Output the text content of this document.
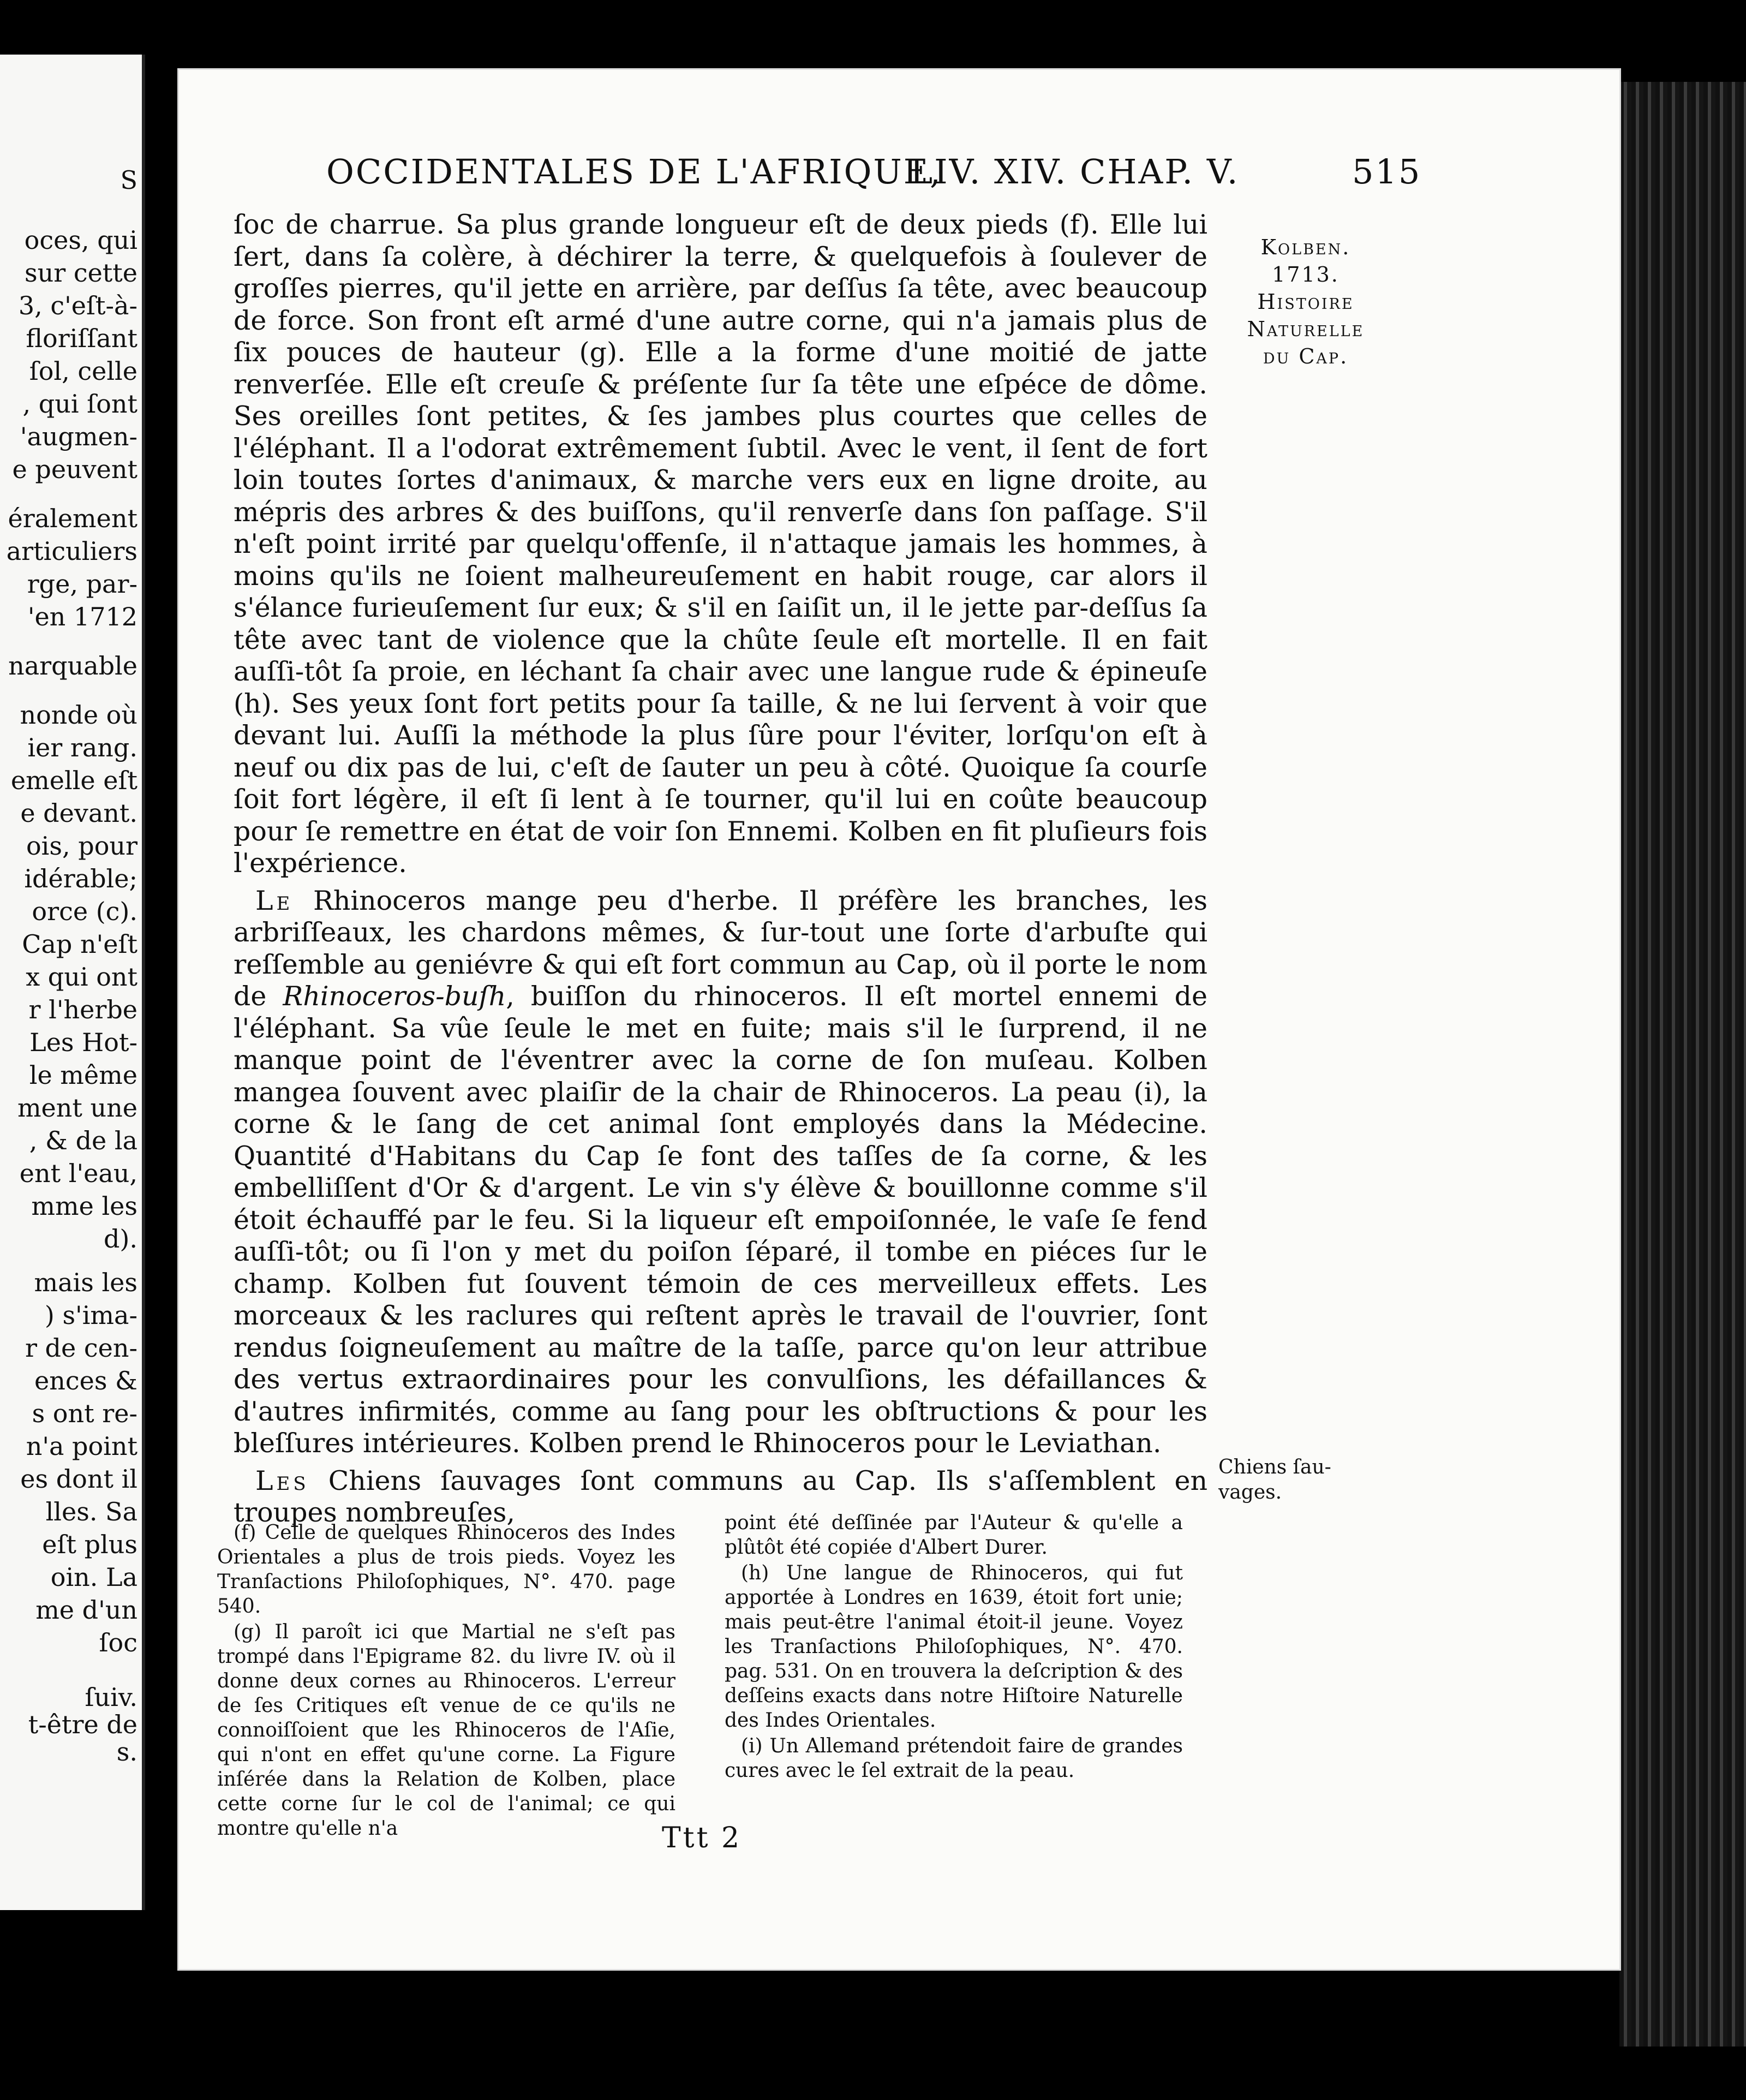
S
oces, qui
sur cette
3, c'eſt-à-
floriſſant
ſol, celle
, qui ſont
'augmen-
e peuvent
éralement
articuliers
rge, par-
'en 1712
narquable
nonde où
ier rang.
emelle eſt
e devant.
ois, pour
idérable;
orce (c).
Cap n'eſt
x qui ont
r l'herbe
Les Hot-
le même
ment une
, & de la
ent l'eau,
mme les
d).
mais les
) s'ima-
r de cen-
ences &
s ont re-
n'a point
es dont il
lles. Sa
eſt plus
oin. La
me d'un
ſoc
ſuiv.
t-être de
s.
OCCIDENTALES DE L'AFRIQUE,
LIV. XIV. CHAP. V.	515

ſoc de charrue. Sa plus grande longueur eſt de deux pieds (f). Elle lui ſert, dans ſa colère, à déchirer la terre, & quelquefois à ſoulever de groſſes pierres, qu'il jette en arrière, par deſſus ſa tête, avec beaucoup de force. Son front eſt armé d'une autre corne, qui n'a jamais plus de ſix pouces de hauteur (g). Elle a la forme d'une moitié de jatte renverſée. Elle eſt creuſe & préſente ſur ſa tête une eſpéce de dôme. Ses oreilles ſont petites, & ſes jambes plus courtes que celles de l'éléphant. Il a l'odorat extrêmement ſubtil. Avec le vent, il ſent de fort loin toutes ſortes d'animaux, & marche vers eux en ligne droite, au mépris des arbres & des buiſſons, qu'il renverſe dans ſon paſſage. S'il n'eſt point irrité par quelqu'offenſe, il n'attaque jamais les hommes, à moins qu'ils ne ſoient malheureuſement en habit rouge, car alors il s'élance furieuſement ſur eux; & s'il en ſaiſit un, il le jette par-deſſus ſa tête avec tant de violence que la chûte ſeule eſt mortelle. Il en fait auſſi-tôt ſa proie, en léchant ſa chair avec une langue rude & épineuſe (h). Ses yeux ſont fort petits pour ſa taille, & ne lui ſervent à voir que devant lui. Auſſi la méthode la plus ſûre pour l'éviter, lorſqu'on eſt à neuf ou dix pas de lui, c'eſt de ſauter un peu à côté. Quoique ſa courſe ſoit fort légère, il eſt ſi lent à ſe tourner, qu'il lui en coûte beaucoup pour ſe remettre en état de voir ſon Ennemi. Kolben en fit pluſieurs fois l'expérience.

Le Rhinoceros mange peu d'herbe. Il préfère les branches, les arbriſſeaux, les chardons mêmes, & ſur-tout une ſorte d'arbuſte qui reſſemble au geniévre & qui eſt fort commun au Cap, où il porte le nom de Rhinoceros-buſh, buiſſon du rhinoceros. Il eſt mortel ennemi de l'éléphant. Sa vûe ſeule le met en fuite; mais s'il le ſurprend, il ne manque point de l'éventrer avec la corne de ſon muſeau. Kolben mangea ſouvent avec plaiſir de la chair de Rhinoceros. La peau (i), la corne & le ſang de cet animal ſont employés dans la Médecine. Quantité d'Habitans du Cap ſe font des taſſes de ſa corne, & les embelliſſent d'Or & d'argent. Le vin s'y élève & bouillonne comme s'il étoit échauffé par le feu. Si la liqueur eſt empoiſonnée, le vaſe ſe fend auſſi-tôt; ou ſi l'on y met du poiſon ſéparé, il tombe en piéces ſur le champ. Kolben fut ſouvent témoin de ces merveilleux effets. Les morceaux & les raclures qui reſtent après le travail de l'ouvrier, ſont rendus ſoigneuſement au maître de la taſſe, parce qu'on leur attribue des vertus extraordinaires pour les convulſions, les défaillances & d'autres infirmités, comme au ſang pour les obſtructions & pour les bleſſures intérieures. Kolben prend le Rhinoceros pour le Leviathan.

Les Chiens ſauvages ſont communs au Cap. Ils s'aſſemblent en troupes nombreuſes,

Kolben.
1713.
Histoire
Naturelle
du Cap.
Chiens ſau-
vages.

(f) Celle de quelques Rhinoceros des Indes Orientales a plus de trois pieds. Voyez les Tranſactions Philoſophiques, N°. 470. page 540.

(g) Il paroît ici que Martial ne s'eſt pas trompé dans l'Epigrame 82. du livre IV. où il donne deux cornes au Rhinoceros. L'erreur de ſes Critiques eſt venue de ce qu'ils ne connoiſſoient que les Rhinoceros de l'Aſie, qui n'ont en effet qu'une corne. La Figure inſérée dans la Relation de Kolben, place cette corne ſur le col de l'animal; ce qui montre qu'elle n'a

point été deſſinée par l'Auteur & qu'elle a plûtôt été copiée d'Albert Durer.

(h) Une langue de Rhinoceros, qui fut apportée à Londres en 1639, étoit fort unie; mais peut-être l'animal étoit-il jeune. Voyez les Tranſactions Philoſophiques, N°. 470. pag. 531. On en trouvera la deſcription & des deſſeins exacts dans notre Hiſtoire Naturelle des Indes Orientales.

(i) Un Allemand prétendoit faire de grandes cures avec le ſel extrait de la peau.

Ttt 2
